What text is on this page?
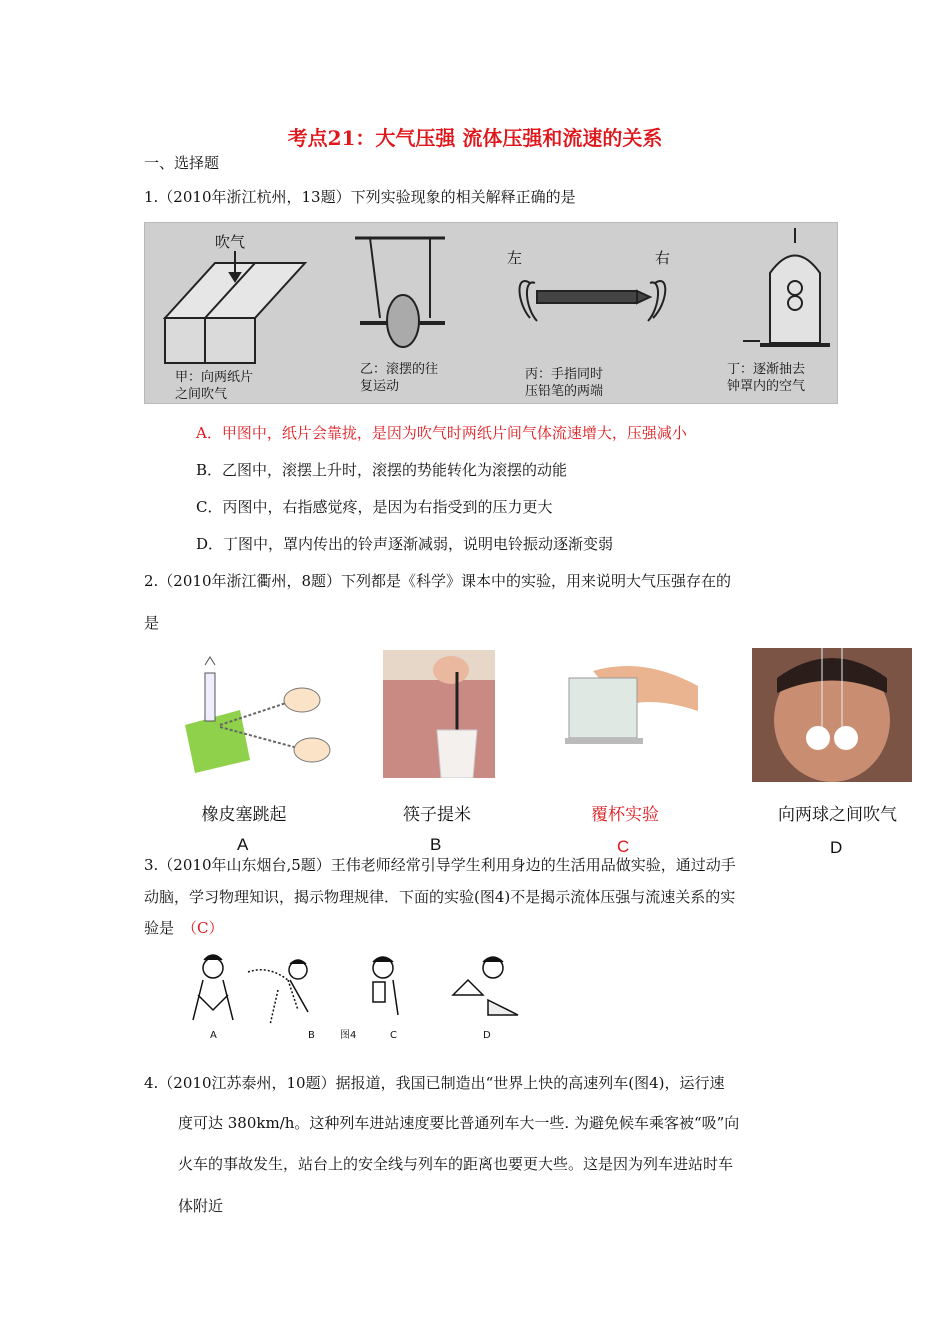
考点21：大气压强 流体压强和流速的关系
一、选择题
1.（2010年浙江杭州，13题）下列实验现象的相关解释正确的是
吹气
甲：向两纸片
之间吹气
乙：滚摆的往
复运动
左	右
丙：手指同时
压铅笔的两端
丁：逐渐抽去
钟罩内的空气
A．甲图中，纸片会靠拢，是因为吹气时两纸片间气体流速增大，压强减小
B．乙图中，滚摆上升时，滚摆的势能转化为滚摆的动能
C．丙图中，右指感觉疼，是因为右指受到的压力更大
D．丁图中，罩内传出的铃声逐渐减弱，说明电铃振动逐渐变弱
2.（2010年浙江衢州，8题）下列都是《科学》课本中的实验，用来说明大气压强存在的
是
橡皮塞跳起	筷子提米	覆杯实验	向两球之间吹气
A	B	C	D
3.（2010年山东烟台,5题）王伟老师经常引导学生利用身边的生活用品做实验，通过动手
动脑，学习物理知识，揭示物理规律．下面的实验(图4)不是揭示流体压强与流速关系的实
验是 （C）
A	B	图4	C	D
4.（2010江苏泰州，10题）据报道，我国已制造出“世界上快的高速列车(图4)，运行速
度可达 380km/h。这种列车进站速度要比普通列车大一些. 为避免候车乘客被“吸”向
火车的事故发生，站台上的安全线与列车的距离也要更大些。这是因为列车进站时车
体附近
